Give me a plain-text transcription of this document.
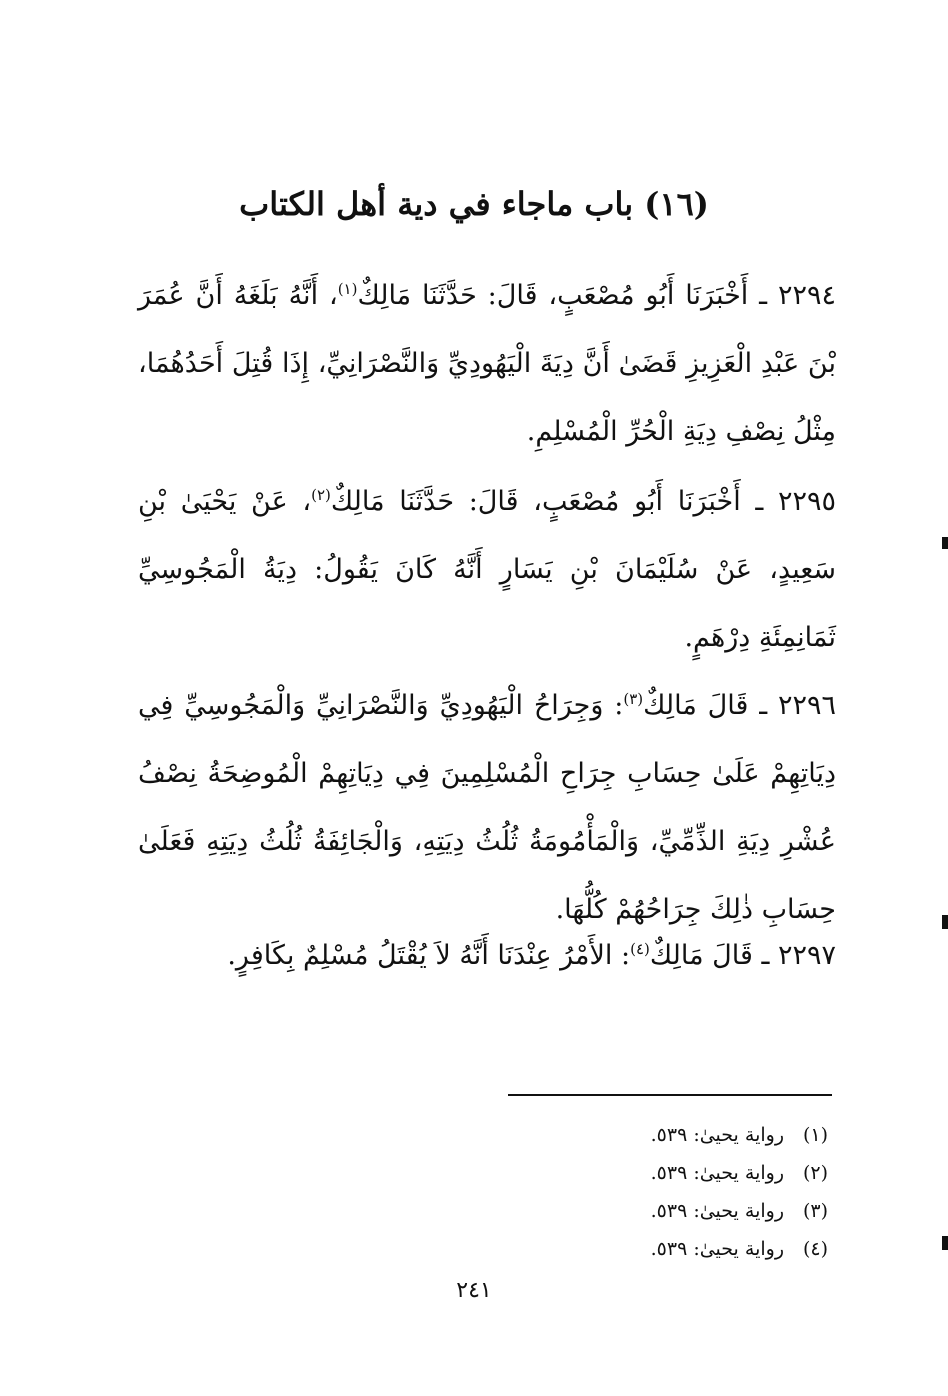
(١٦) باب ماجاء في دية أهل الكتاب
٢٢٩٤ ـ أَخْبَرَنَا أَبُو مُصْعَبٍ، قَالَ: حَدَّثَنَا مَالِكٌ$^{(١)}$، أَنَّهُ بَلَغَهُ أَنَّ عُمَرَ بْنَ عَبْدِ الْعَزِيزِ قَضَىٰ أَنَّ دِيَةَ الْيَهُودِيِّ وَالنَّصْرَانِيِّ، إِذَا قُتِلَ أَحَدُهُمَا، مِثْلُ نِصْفِ دِيَةِ الْحُرِّ الْمُسْلِمِ.
٢٢٩٥ ـ أَخْبَرَنَا أَبُو مُصْعَبٍ، قَالَ: حَدَّثَنَا مَالِكٌ$^{(٢)}$، عَنْ يَحْيَىٰ بْنِ سَعِيدٍ، عَنْ سُلَيْمَانَ بْنِ يَسَارٍ أَنَّهُ كَانَ يَقُولُ: دِيَةُ الْمَجُوسِيِّ ثَمَانِمِئَةِ دِرْهَمٍ.
٢٢٩٦ ـ قَالَ مَالِكٌ$^{(٣)}$: وَجِرَاحُ الْيَهُودِيِّ وَالنَّصْرَانِيِّ وَالْمَجُوسِيِّ فِي دِيَاتِهِمْ عَلَىٰ حِسَابِ جِرَاحِ الْمُسْلِمِينَ فِي دِيَاتِهِمْ الْمُوضِحَةُ نِصْفُ عُشْرِ دِيَةِ الذِّمِّيِّ، وَالْمَأْمُومَةُ ثُلُثُ دِيَتِهِ، وَالْجَائِفَةُ ثُلُثُ دِيَتِهِ فَعَلَىٰ حِسَابِ ذٰلِكَ جِرَاحُهُمْ كُلُّهَا.
٢٢٩٧ ـ قَالَ مَالِكٌ$^{(٤)}$: الأَمْرُ عِنْدَنَا أَنَّهُ لاَ يُقْتَلُ مُسْلِمٌ بِكَافِرٍ.
(١)رواية يحيىٰ: ٥٣٩.
(٢)رواية يحيىٰ: ٥٣٩.
(٣)رواية يحيىٰ: ٥٣٩.
(٤)رواية يحيىٰ: ٥٣٩.
٢٤١
